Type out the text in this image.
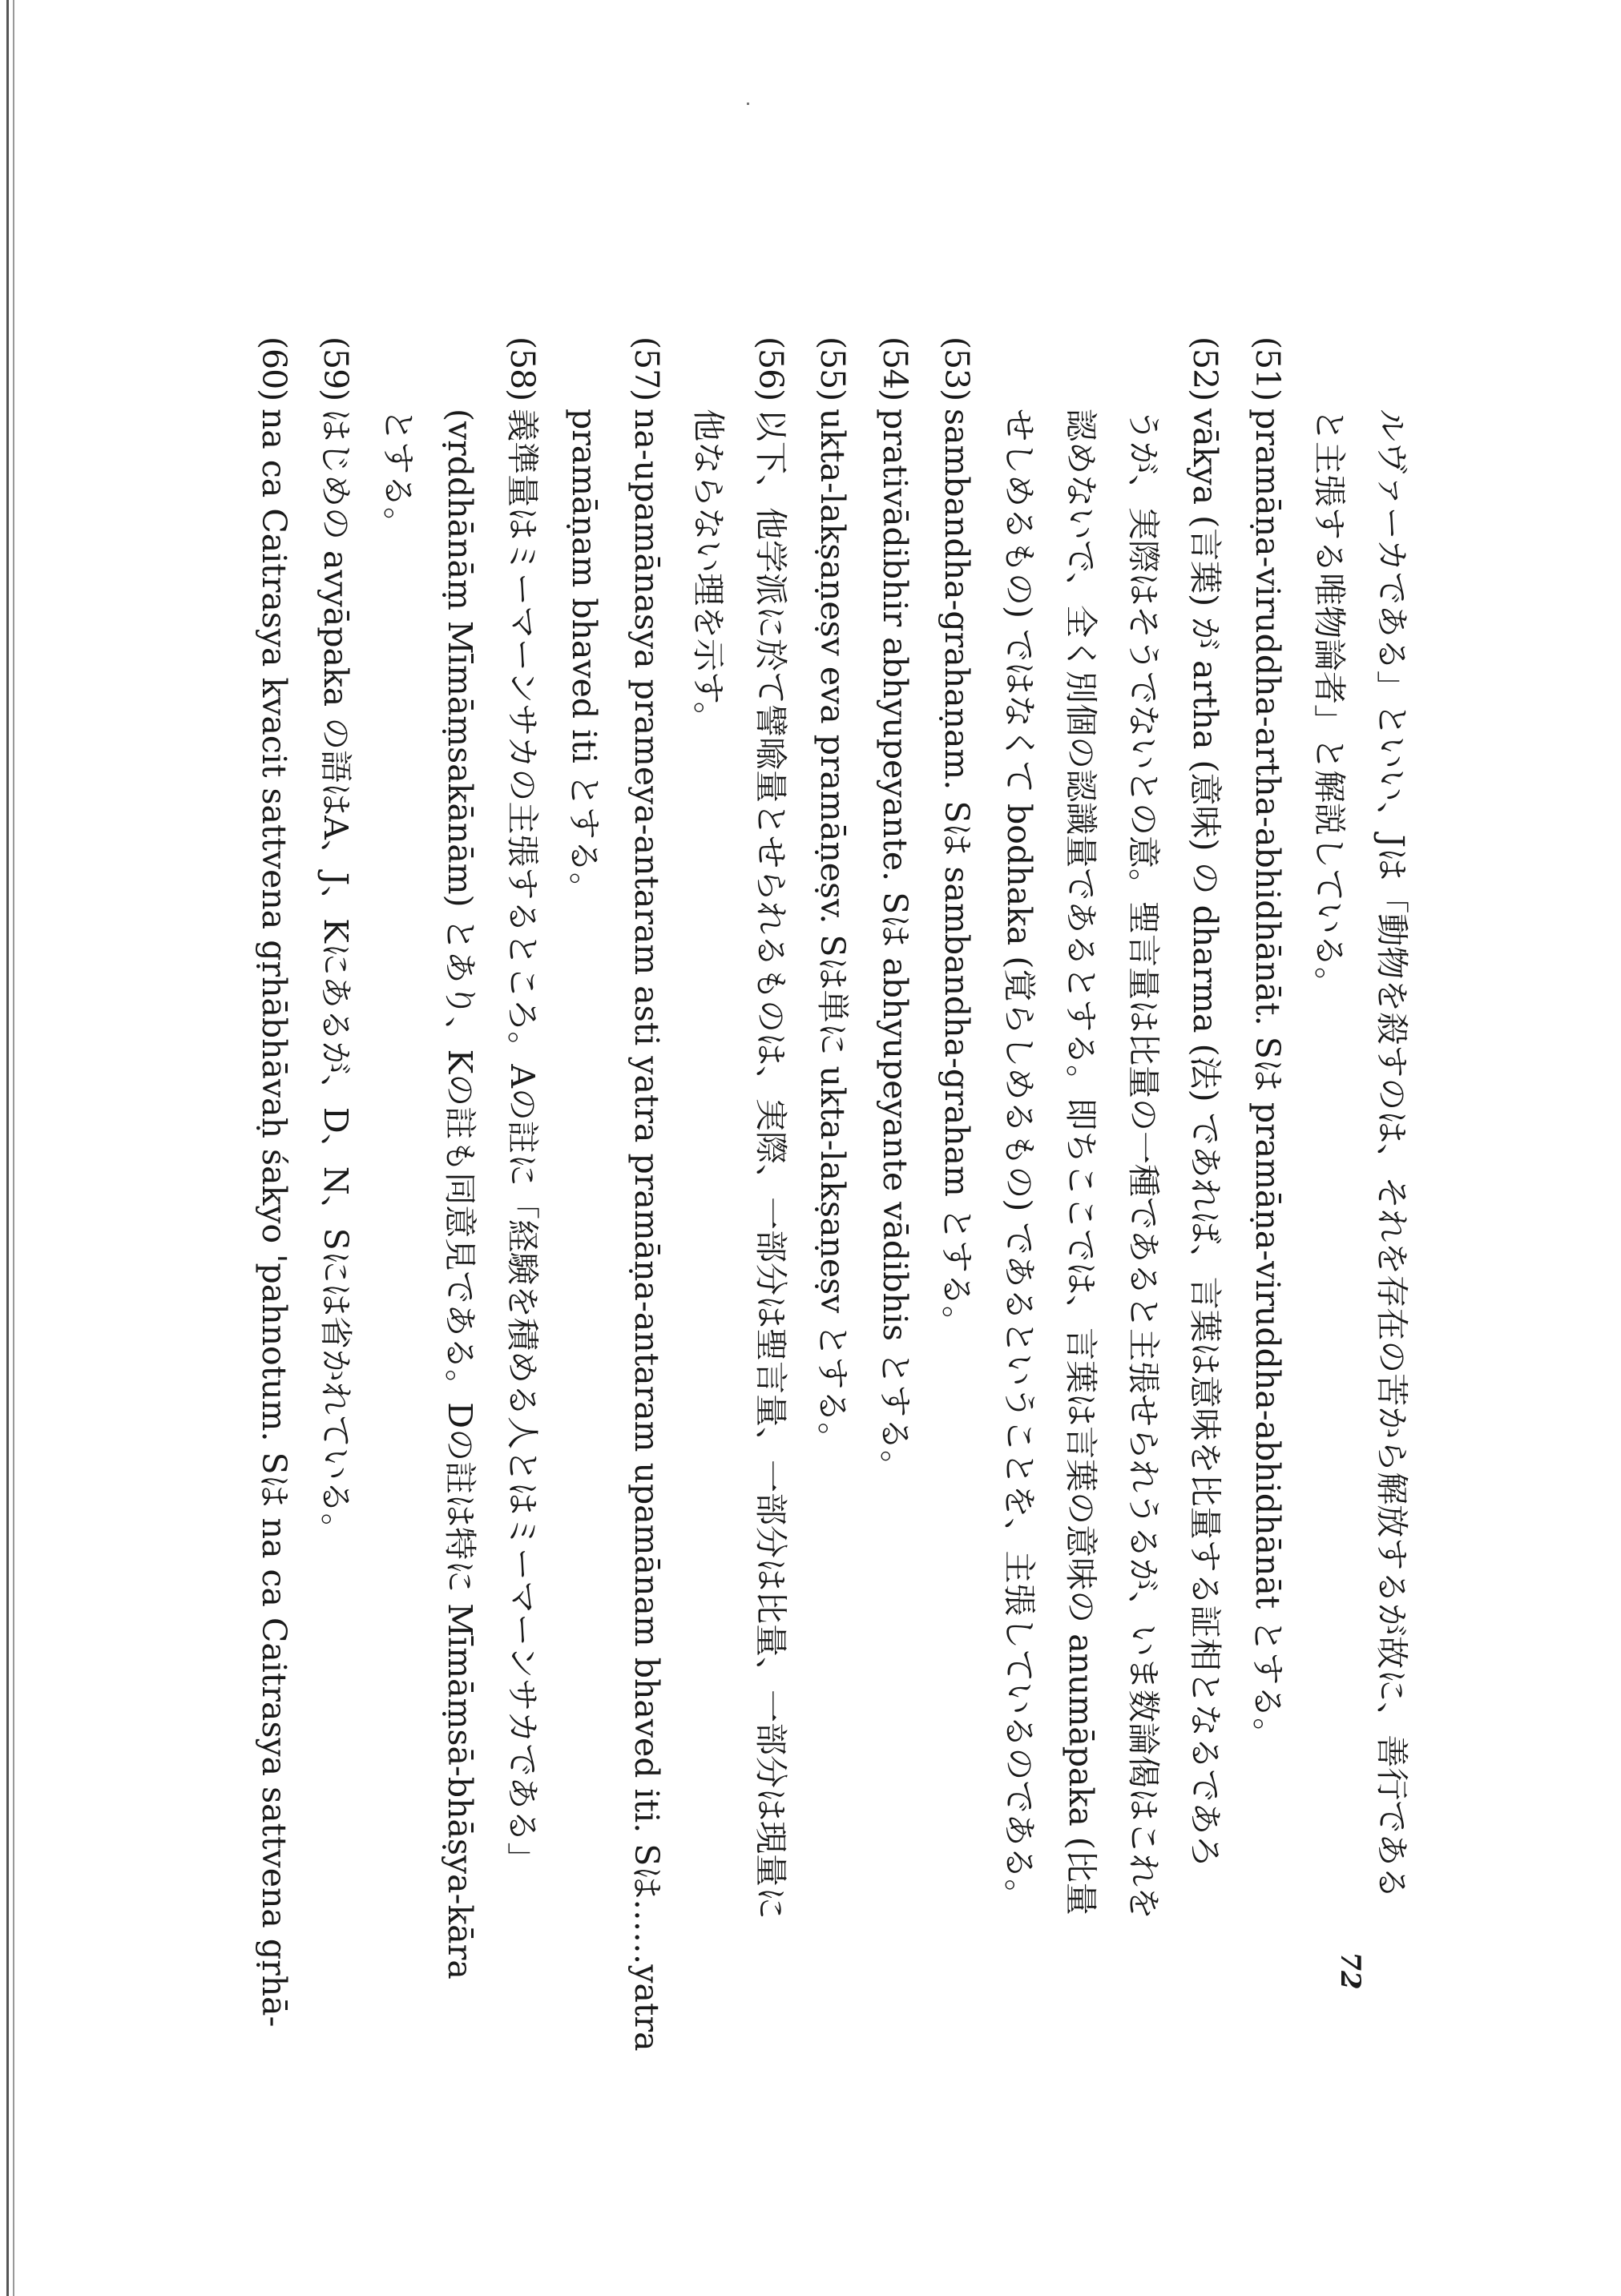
ルヴァーカである」といい、Jは「動物を殺すのは、それを存在の苦から解放するが故に、善行である
と主張する唯物論者」と解説している。
(51)
pramāṇa-viruddha-artha-abhidhānāt. Sは pramāṇa-viruddha-abhidhānāt とする。
(52)
vākya (言葉) が artha (意味) の dharma (法) であれば、言葉は意味を比量する証相となるであろ
うが、実際はそうでないとの意。聖言量は比量の一種であると主張せられうるが、いま数論偈はこれを
認めないで、全く別個の認識量であるとする。即ちここでは、言葉は言葉の意味の anumāpaka (比量
せしめるもの) ではなくて bodhaka (覚らしめるもの) であるということを、主張しているのである。
(53)
sambandha-grahaṇam. Sは sambandha-graham とする。
(54)
prativādibhir abhyupeyante. Sは abhyupeyante vādibhis とする。
(55)
ukta-lakṣaṇeṣv eva pramāṇeṣv. Sは単に ukta-lakṣaṇeṣv とする。
(56)
以下、他学派に於て譬喩量とせられるものは、実際、一部分は聖言量、一部分は比量、一部分は現量に
他ならない理を示す。
(57)
na-upamānasya prameya-antaram asti yatra pramāṇa-antaram upamānam bhaved iti. Sは……yatra
pramāṇam bhaved iti とする。
(58)
義準量はミーマーンサカの主張するところ。Aの註に「経験を積める人とはミーマーンサカである」
(vṛddhānāṃ Mīmāṃsakānām) とあり、Kの註も同意見である。Dの註は特に Mīmāṃsā-bhāṣya-kāra
とする。
(59)
はじめの avyāpaka の語はA、J、Kにあるが、D、N、Sには省かれている。
(60)
na ca Caitrasya kvacit sattvena gṛhābhāvaḥ śakyo 'pahnotum. Sは na ca Caitrasya sattvena gṛhā-	72
